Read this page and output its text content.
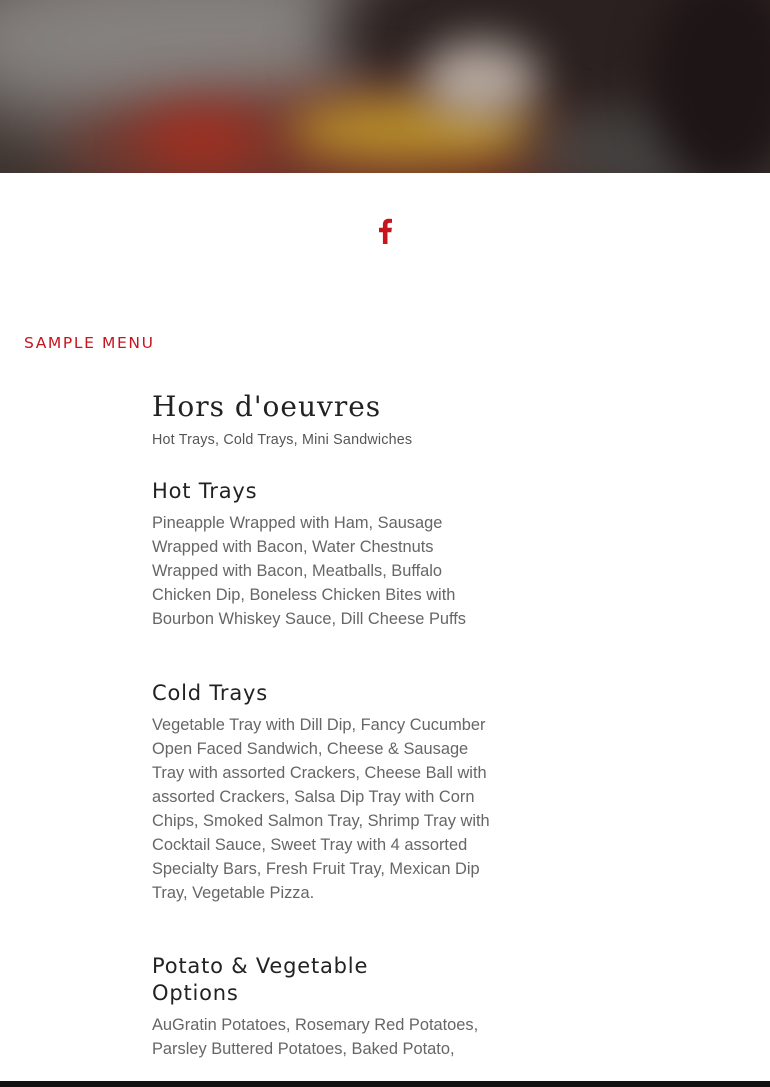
SAMPLE MENU
Hors d'oeuvres

Hot Trays, Cold Trays, Mini Sandwiches

Hot Trays

Pineapple Wrapped with Ham, Sausage Wrapped with Bacon, Water Chestnuts Wrapped with Bacon, Meatballs, Buffalo Chicken Dip, Boneless Chicken Bites with Bourbon Whiskey Sauce, Dill Cheese Puffs

Cold Trays

Vegetable Tray with Dill Dip, Fancy Cucumber Open Faced Sandwich, Cheese & Sausage Tray with assorted Crackers, Cheese Ball with assorted Crackers, Salsa Dip Tray with Corn Chips, Smoked Salmon Tray, Shrimp Tray with Cocktail Sauce, Sweet Tray with 4 assorted Specialty Bars, Fresh Fruit Tray, Mexican Dip Tray, Vegetable Pizza.

Potato & Vegetable Options

AuGratin Potatoes, Rosemary Red Potatoes, Parsley Buttered Potatoes, Baked Potato,
